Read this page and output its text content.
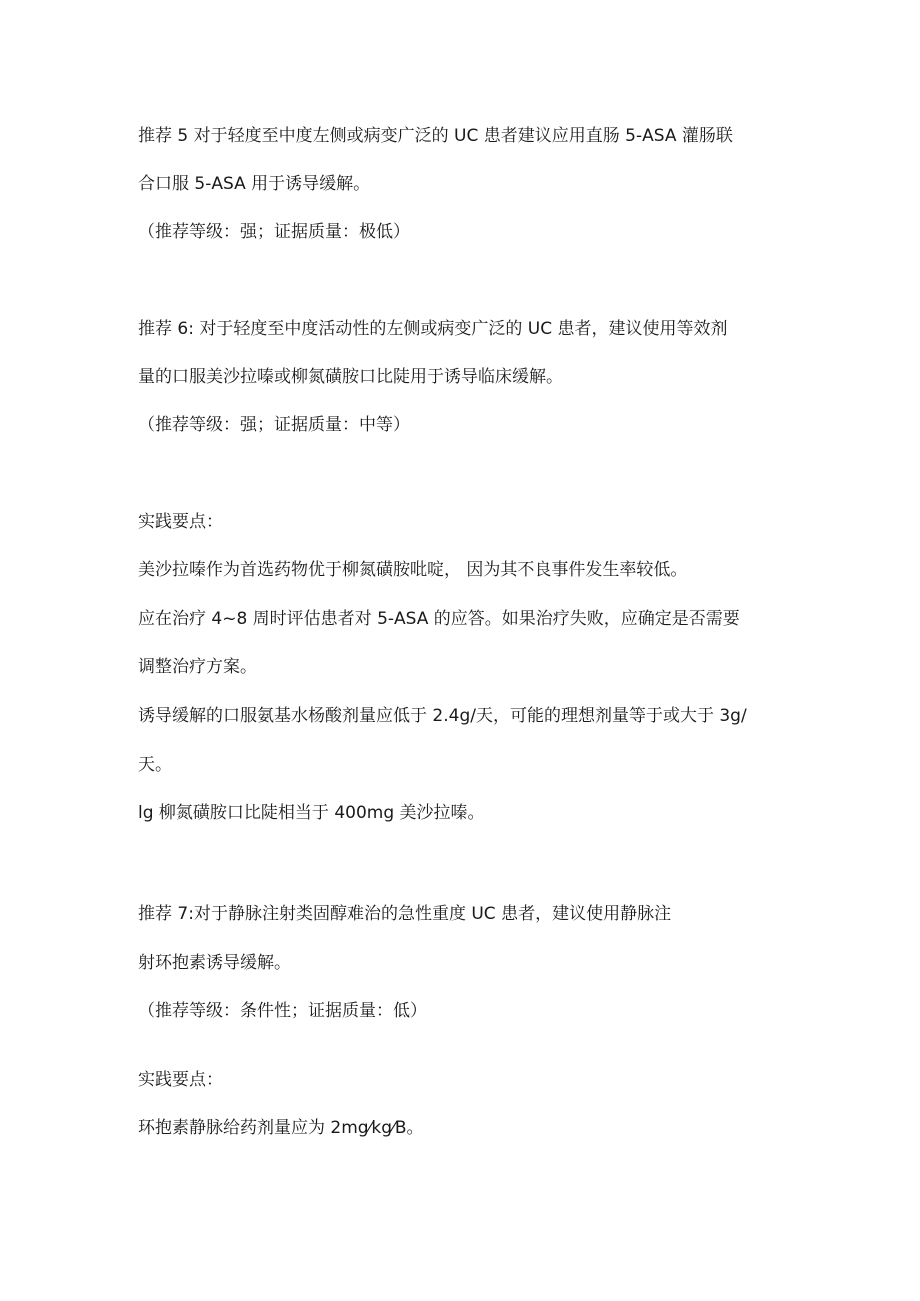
推荐 5 对于轻度至中度左侧或病变广泛的 UC 患者建议应用直肠 5-ASA 灌肠联
合口服 5-ASA 用于诱导缓解。
（推荐等级：强；证据质量：极低）
推荐 6: 对于轻度至中度活动性的左侧或病变广泛的 UC 患者，建议使用等效剂
量的口服美沙拉嗪或柳氮磺胺口比陡用于诱导临床缓解。
（推荐等级：强；证据质量：中等）
实践要点：
美沙拉嗪作为首选药物优于柳氮磺胺吡啶， 因为其不良事件发生率较低。
应在治疗 4~8 周时评估患者对 5-ASA 的应答。如果治疗失败，应确定是否需要
调整治疗方案。
诱导缓解的口服氨基水杨酸剂量应低于 2.4g/天，可能的理想剂量等于或大于 3g/
天。
lg 柳氮磺胺口比陡相当于 400mg 美沙拉嗪。
推荐 7:对于静脉注射类固醇难治的急性重度 UC 患者，建议使用静脉注
射环抱素诱导缓解。
（推荐等级：条件性；证据质量：低）
实践要点：
环抱素静脉给药剂量应为 2mg⁄kg⁄B。
